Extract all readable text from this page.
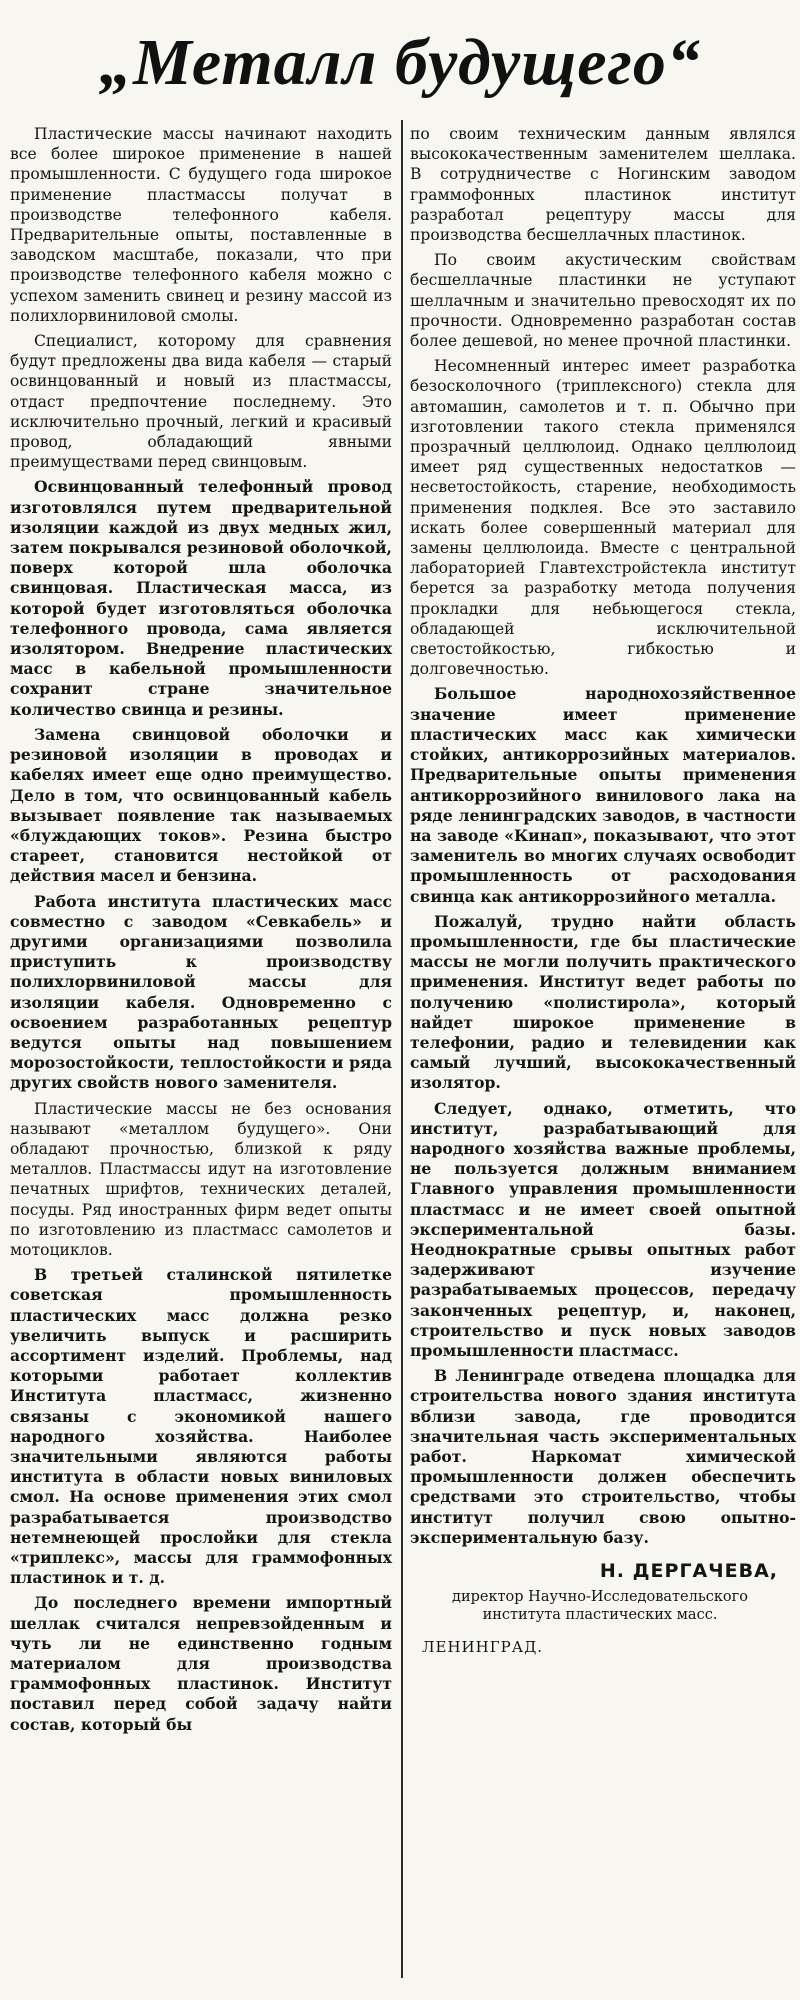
„Металл будущего“

Пластические массы начинают находить все более широкое применение в нашей промышленности. С будущего года широкое применение пластмассы получат в производстве телефонного кабеля. Предварительные опыты, поставленные в заводском масштабе, показали, что при производстве телефонного кабеля можно с успехом заменить свинец и резину массой из полихлорвиниловой смолы.

Специалист, которому для сравнения будут предложены два вида кабеля — старый освинцованный и новый из пластмассы, отдаст предпочтение последнему. Это исключительно прочный, легкий и красивый провод, обладающий явными преимуществами перед свинцовым.

Освинцованный телефонный провод изготовлялся путем предварительной изоляции каждой из двух медных жил, затем покрывался резиновой оболочкой, поверх которой шла оболочка свинцовая. Пластическая масса, из которой будет изготовляться оболочка телефонного провода, сама является изолятором. Внедрение пластических масс в кабельной промышленности сохранит стране значительное количество свинца и резины.

Замена свинцовой оболочки и резиновой изоляции в проводах и кабелях имеет еще одно преимущество. Дело в том, что освинцованный кабель вызывает появление так называемых «блуждающих токов». Резина быстро стареет, становится нестойкой от действия масел и бензина.

Работа института пластических масс совместно с заводом «Севкабель» и другими организациями позволила приступить к производству полихлорвиниловой массы для изоляции кабеля. Одновременно с освоением разработанных рецептур ведутся опыты над повышением морозостойкости, теплостойкости и ряда других свойств нового заменителя.

Пластические массы не без основания называют «металлом будущего». Они обладают прочностью, близкой к ряду металлов. Пластмассы идут на изготовление печатных шрифтов, технических деталей, посуды. Ряд иностранных фирм ведет опыты по изготовлению из пластмасс самолетов и мотоциклов.

В третьей сталинской пятилетке советская промышленность пластических масс должна резко увеличить выпуск и расширить ассортимент изделий. Проблемы, над которыми работает коллектив Института пластмасс, жизненно связаны с экономикой нашего народного хозяйства. Наиболее значительными являются работы института в области новых виниловых смол. На основе применения этих смол разрабатывается производство нетемнеющей прослойки для стекла «триплекс», массы для граммофонных пластинок и т. д.

До последнего времени импортный шеллак считался непревзойденным и чуть ли не единственно годным материалом для производства граммофонных пластинок. Институт поставил перед собой задачу найти состав, который бы

по своим техническим данным являлся высококачественным заменителем шеллака. В сотрудничестве с Ногинским заводом граммофонных пластинок институт разработал рецептуру массы для производства бесшеллачных пластинок.

По своим акустическим свойствам бесшеллачные пластинки не уступают шеллачным и значительно превосходят их по прочности. Одновременно разработан состав более дешевой, но менее прочной пластинки.

Несомненный интерес имеет разработка безосколочного (триплексного) стекла для автомашин, самолетов и т. п. Обычно при изготовлении такого стекла применялся прозрачный целлюлоид. Однако целлюлоид имеет ряд существенных недостатков — несветостойкость, старение, необходимость применения подклея. Все это заставило искать более совершенный материал для замены целлюлоида. Вместе с центральной лабораторией Главтехстройстекла институт берется за разработку метода получения прокладки для небьющегося стекла, обладающей исключительной светостойкостью, гибкостью и долговечностью.

Большое народнохозяйственное значение имеет применение пластических масс как химически стойких, антикоррозийных материалов. Предварительные опыты применения антикоррозийного винилового лака на ряде ленинградских заводов, в частности на заводе «Кинап», показывают, что этот заменитель во многих случаях освободит промышленность от расходования свинца как антикоррозийного металла.

Пожалуй, трудно найти область промышленности, где бы пластические массы не могли получить практического применения. Институт ведет работы по получению «полистирола», который найдет широкое применение в телефонии, радио и телевидении как самый лучший, высококачественный изолятор.

Следует, однако, отметить, что институт, разрабатывающий для народного хозяйства важные проблемы, не пользуется должным вниманием Главного управления промышленности пластмасс и не имеет своей опытной экспериментальной базы. Неоднократные срывы опытных работ задерживают изучение разрабатываемых процессов, передачу законченных рецептур, и, наконец, строительство и пуск новых заводов промышленности пластмасс.

В Ленинграде отведена площадка для строительства нового здания института вблизи завода, где проводится значительная часть экспериментальных работ. Наркомат химической промышленности должен обеспечить средствами это строительство, чтобы институт получил свою опытно-экспериментальную базу.

Н. ДЕРГАЧЕВА,
директор Научно-Исследовательского института пластических масс.
ЛЕНИНГРАД.
